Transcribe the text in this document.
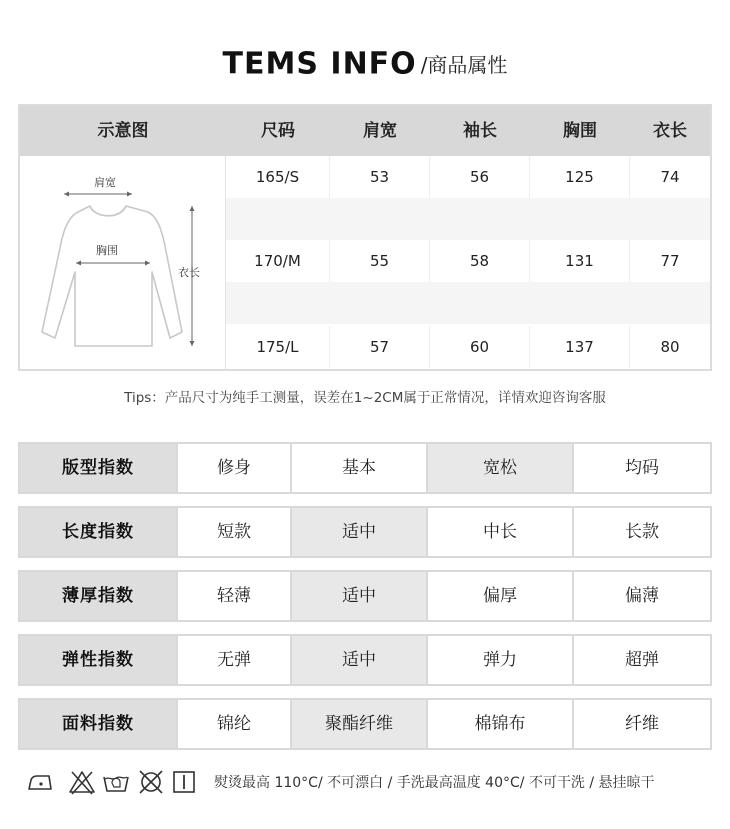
TEMS INFO /商品属性
示意图	尺码	肩宽	袖长	胸围	衣长
肩宽
胸围
衣长
165/S	53	56	125	74
170/M	55	58	131	77
175/L	57	60	137	80
Tips：产品尺寸为纯手工测量，误差在1~2CM属于正常情况，详情欢迎咨询客服
版型指数	修身	基本	宽松	均码
长度指数	短款	适中	中长	长款
薄厚指数	轻薄	适中	偏厚	偏薄
弹性指数	无弹	适中	弹力	超弹
面料指数	锦纶	聚酯纤维	棉锦布	纤维
熨烫最高 110°C/ 不可漂白 / 手洗最高温度 40°C/ 不可干洗 / 悬挂晾干
